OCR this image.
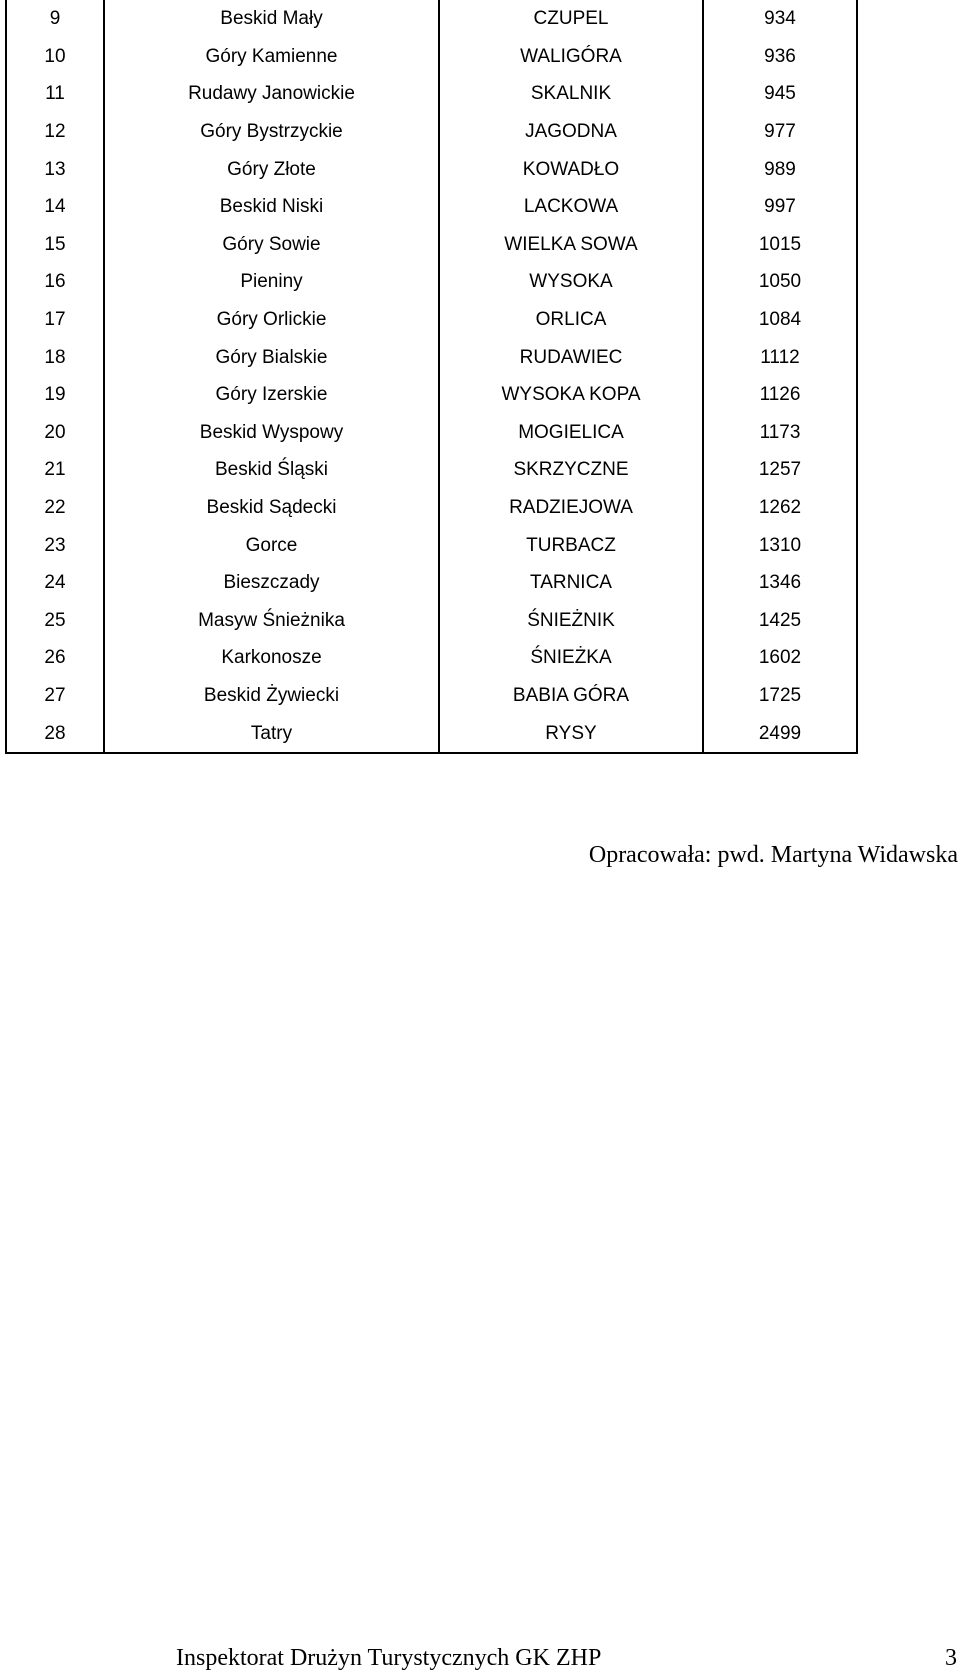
9	Beskid Mały	CZUPEL	934
10	Góry Kamienne	WALIGÓRA	936
11	Rudawy Janowickie	SKALNIK	945
12	Góry Bystrzyckie	JAGODNA	977
13	Góry Złote	KOWADŁO	989
14	Beskid Niski	LACKOWA	997
15	Góry Sowie	WIELKA SOWA	1015
16	Pieniny	WYSOKA	1050
17	Góry Orlickie	ORLICA	1084
18	Góry Bialskie	RUDAWIEC	1112
19	Góry Izerskie	WYSOKA KOPA	1126
20	Beskid Wyspowy	MOGIELICA	1173
21	Beskid Śląski	SKRZYCZNE	1257
22	Beskid Sądecki	RADZIEJOWA	1262
23	Gorce	TURBACZ	1310
24	Bieszczady	TARNICA	1346
25	Masyw Śnieżnika	ŚNIEŻNIK	1425
26	Karkonosze	ŚNIEŻKA	1602
27	Beskid Żywiecki	BABIA GÓRA	1725
28	Tatry	RYSY	2499
Opracowała: pwd. Martyna Widawska
Inspektorat Drużyn Turystycznych GK ZHP	3
